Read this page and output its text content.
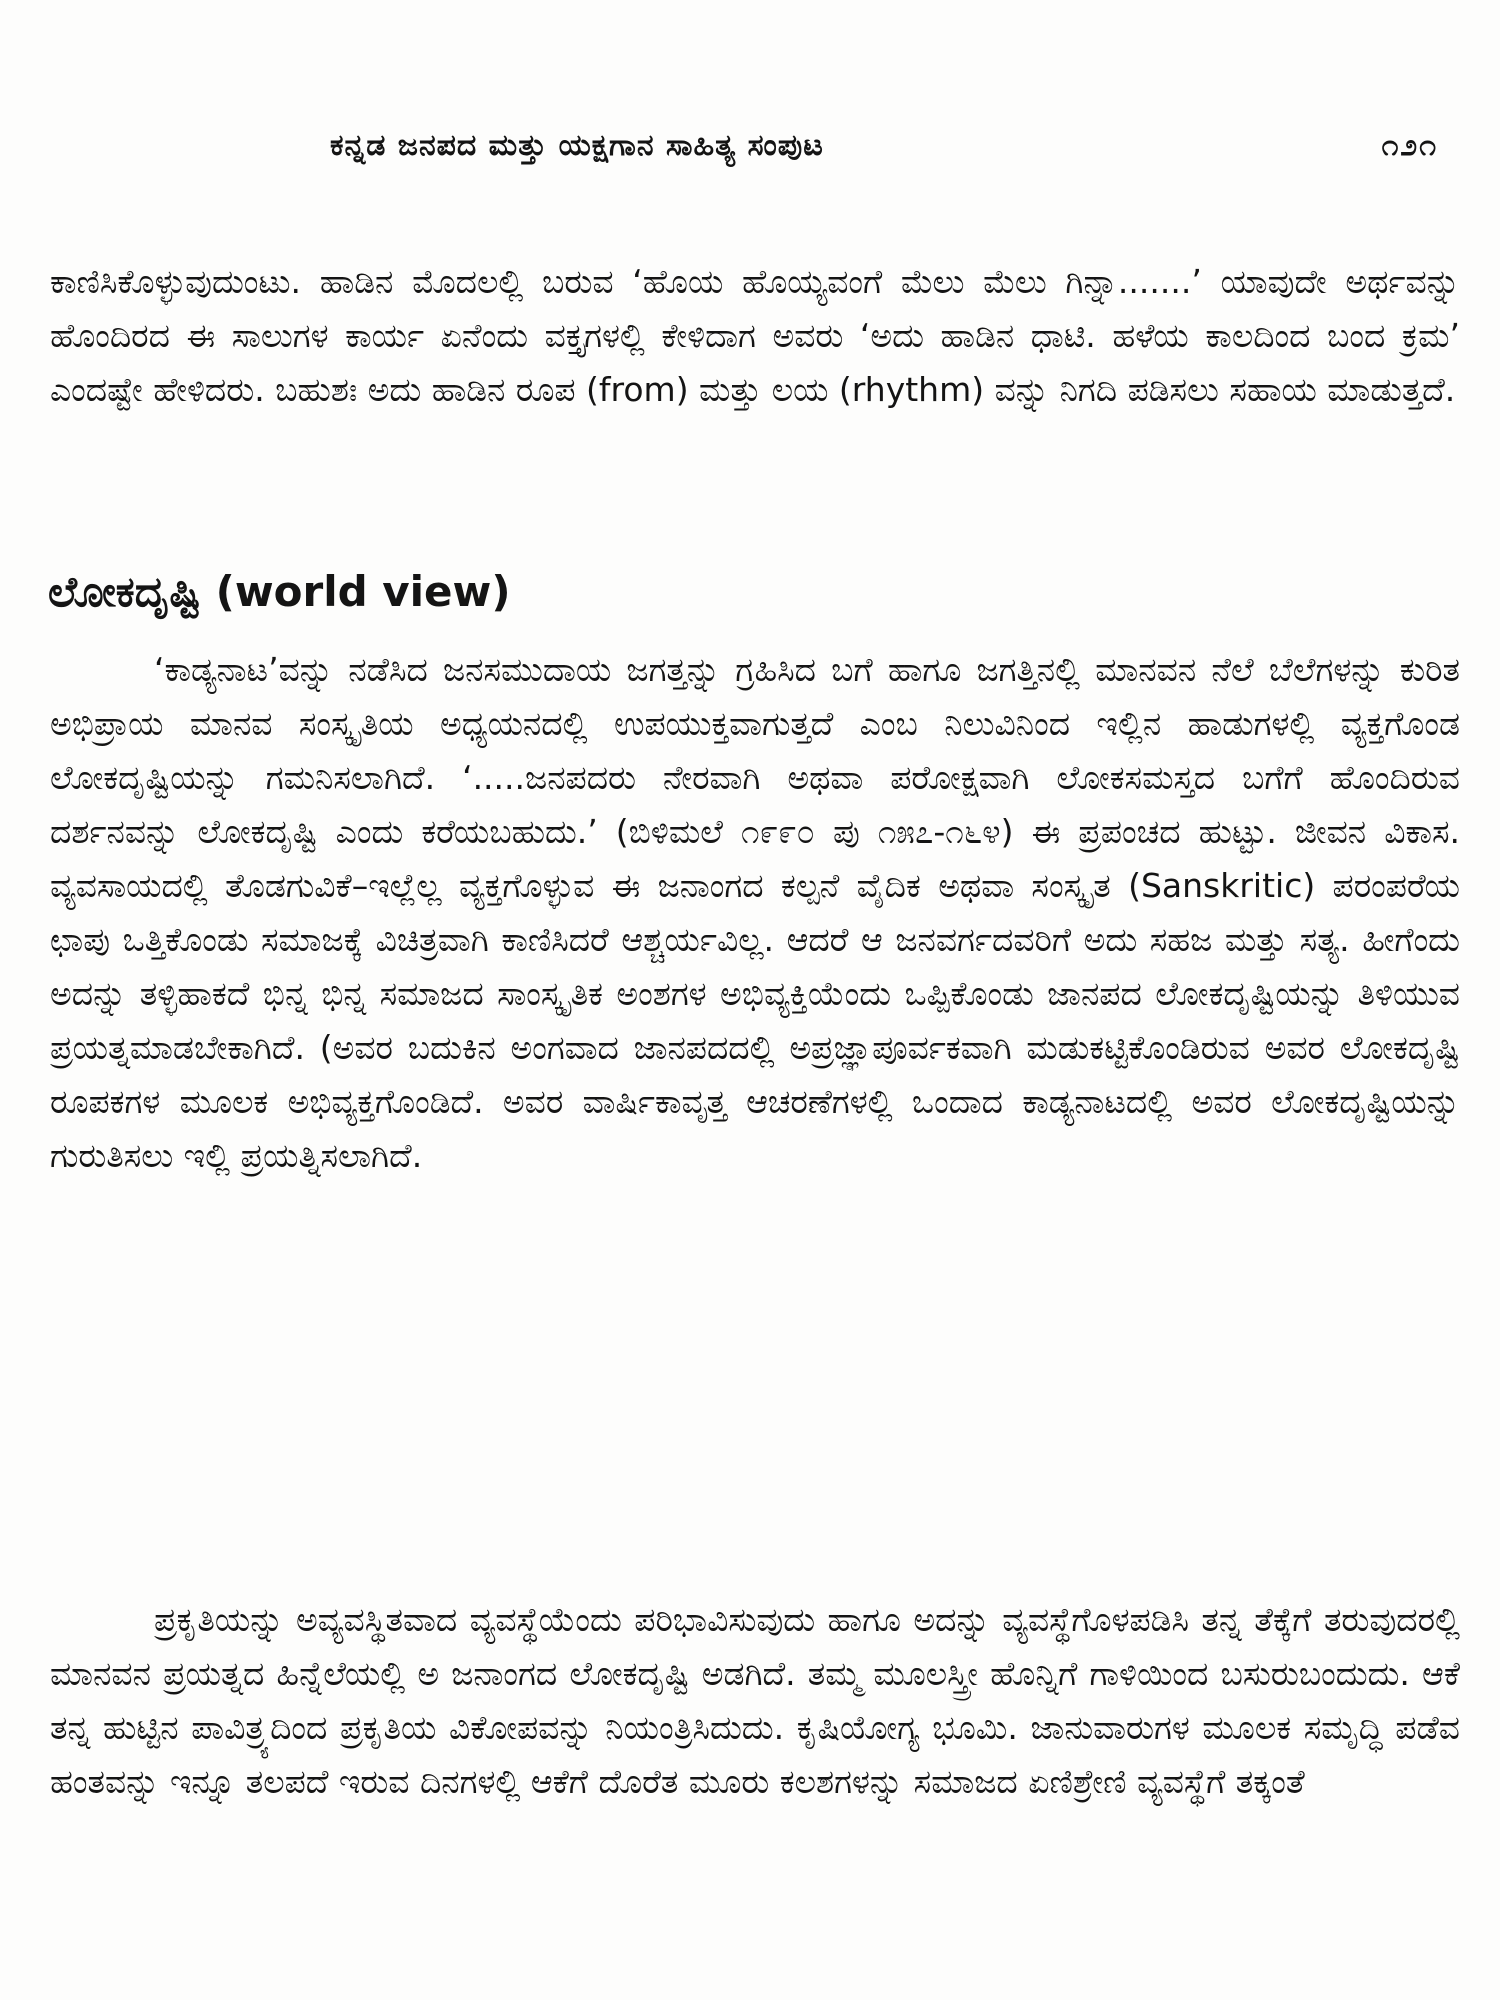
ಕನ್ನಡ ಜನಪದ ಮತ್ತು ಯಕ್ಷಗಾನ ಸಾಹಿತ್ಯ ಸಂಪುಟ	೧೨೧

ಕಾಣಿಸಿಕೊಳ್ಳುವುದುಂಟು. ಹಾಡಿನ ಮೊದಲಲ್ಲಿ ಬರುವ ‘ಹೊಯ ಹೊಯ್ಯವಂಗೆ ಮೆಲು ಮೆಲು ಗಿನ್ನಾ.......’ ಯಾವುದೇ ಅರ್ಥವನ್ನು ಹೊಂದಿರದ ಈ ಸಾಲುಗಳ ಕಾರ್ಯ ಏನೆಂದು ವಕ್ತೃಗಳಲ್ಲಿ ಕೇಳಿದಾಗ ಅವರು ‘ಅದು ಹಾಡಿನ ಧಾಟಿ. ಹಳೆಯ ಕಾಲದಿಂದ ಬಂದ ಕ್ರಮ’ ಎಂದಷ್ಟೇ ಹೇಳಿದರು. ಬಹುಶಃ ಅದು ಹಾಡಿನ ರೂಪ (from) ಮತ್ತು ಲಯ (rhythm) ವನ್ನು ನಿಗದಿ ಪಡಿಸಲು ಸಹಾಯ ಮಾಡುತ್ತದೆ.

ಲೋಕದೃಷ್ಟಿ (world view)

‘ಕಾಡ್ಯನಾಟ’ವನ್ನು ನಡೆಸಿದ ಜನಸಮುದಾಯ ಜಗತ್ತನ್ನು ಗ್ರಹಿಸಿದ ಬಗೆ ಹಾಗೂ ಜಗತ್ತಿನಲ್ಲಿ ಮಾನವನ ನೆಲೆ ಬೆಲೆಗಳನ್ನು ಕುರಿತ ಅಭಿಪ್ರಾಯ ಮಾನವ ಸಂಸ್ಕೃತಿಯ ಅಧ್ಯಯನದಲ್ಲಿ ಉಪಯುಕ್ತವಾಗುತ್ತದೆ ಎಂಬ ನಿಲುವಿನಿಂದ ಇಲ್ಲಿನ ಹಾಡುಗಳಲ್ಲಿ ವ್ಯಕ್ತಗೊಂಡ ಲೋಕದೃಷ್ಟಿಯನ್ನು ಗಮನಿಸಲಾಗಿದೆ. ‘.....ಜನಪದರು ನೇರವಾಗಿ ಅಥವಾ ಪರೋಕ್ಷವಾಗಿ ಲೋಕಸಮಸ್ತದ ಬಗೆಗೆ ಹೊಂದಿರುವ ದರ್ಶನವನ್ನು ಲೋಕದೃಷ್ಟಿ ಎಂದು ಕರೆಯಬಹುದು.’ (ಬಿಳಿಮಲೆ ೧೯೯೦ ಪು ೧೫೭-೧೬೪) ಈ ಪ್ರಪಂಚದ ಹುಟ್ಟು. ಜೀವನ ವಿಕಾಸ. ವ್ಯವಸಾಯದಲ್ಲಿ ತೊಡಗುವಿಕೆ–ಇಲ್ಲೆಲ್ಲ ವ್ಯಕ್ತಗೊಳ್ಳುವ ಈ ಜನಾಂಗದ ಕಲ್ಪನೆ ವೈದಿಕ ಅಥವಾ ಸಂಸ್ಕೃತ (Sanskritic) ಪರಂಪರೆಯ ಛಾಪು ಒತ್ತಿಕೊಂಡು ಸಮಾಜಕ್ಕೆ ವಿಚಿತ್ರವಾಗಿ ಕಾಣಿಸಿದರೆ ಆಶ್ಚರ್ಯವಿಲ್ಲ. ಆದರೆ ಆ ಜನವರ್ಗದವರಿಗೆ ಅದು ಸಹಜ ಮತ್ತು ಸತ್ಯ. ಹೀಗೆಂದು ಅದನ್ನು ತಳ್ಳಿಹಾಕದೆ ಭಿನ್ನ ಭಿನ್ನ ಸಮಾಜದ ಸಾಂಸ್ಕೃತಿಕ ಅಂಶಗಳ ಅಭಿವ್ಯಕ್ತಿಯೆಂದು ಒಪ್ಪಿಕೊಂಡು ಜಾನಪದ ಲೋಕದೃಷ್ಟಿಯನ್ನು ತಿಳಿಯುವ ಪ್ರಯತ್ನಮಾಡಬೇಕಾಗಿದೆ. (ಅವರ ಬದುಕಿನ ಅಂಗವಾದ ಜಾನಪದದಲ್ಲಿ ಅಪ್ರಜ್ಞಾಪೂರ್ವಕವಾಗಿ ಮಡುಕಟ್ಟಿಕೊಂಡಿರುವ ಅವರ ಲೋಕದೃಷ್ಟಿ ರೂಪಕಗಳ ಮೂಲಕ ಅಭಿವ್ಯಕ್ತಗೊಂಡಿದೆ. ಅವರ ವಾರ್ಷಿಕಾವೃತ್ತ ಆಚರಣೆಗಳಲ್ಲಿ ಒಂದಾದ ಕಾಡ್ಯನಾಟದಲ್ಲಿ ಅವರ ಲೋಕದೃಷ್ಟಿಯನ್ನು ಗುರುತಿಸಲು ಇಲ್ಲಿ ಪ್ರಯತ್ನಿಸಲಾಗಿದೆ.

ಪ್ರಕೃತಿಯನ್ನು ಅವ್ಯವಸ್ಥಿತವಾದ ವ್ಯವಸ್ಥೆಯೆಂದು ಪರಿಭಾವಿಸುವುದು ಹಾಗೂ ಅದನ್ನು ವ್ಯವಸ್ಥೆಗೊಳಪಡಿಸಿ ತನ್ನ ತೆಕ್ಕೆಗೆ ತರುವುದರಲ್ಲಿ ಮಾನವನ ಪ್ರಯತ್ನದ ಹಿನ್ನೆಲೆಯಲ್ಲಿ ಅ ಜನಾಂಗದ ಲೋಕದೃಷ್ಟಿ ಅಡಗಿದೆ. ತಮ್ಮ ಮೂಲಸ್ತ್ರೀ ಹೊನ್ನಿಗೆ ಗಾಳಿಯಿಂದ ಬಸುರುಬಂದುದು. ಆಕೆ ತನ್ನ ಹುಟ್ಟಿನ ಪಾವಿತ್ರ್ಯದಿಂದ ಪ್ರಕೃತಿಯ ವಿಕೋಪವನ್ನು ನಿಯಂತ್ರಿಸಿದುದು. ಕೃಷಿಯೋಗ್ಯ ಭೂಮಿ. ಜಾನುವಾರುಗಳ ಮೂಲಕ ಸಮೃದ್ಧಿ ಪಡೆವ ಹಂತವನ್ನು ಇನ್ನೂ ತಲಪದೆ ಇರುವ ದಿನಗಳಲ್ಲಿ ಆಕೆಗೆ ದೊರೆತ ಮೂರು ಕಲಶಗಳನ್ನು ಸಮಾಜದ ಏಣಿಶ್ರೇಣಿ ವ್ಯವಸ್ಥೆಗೆ ತಕ್ಕಂತೆ
